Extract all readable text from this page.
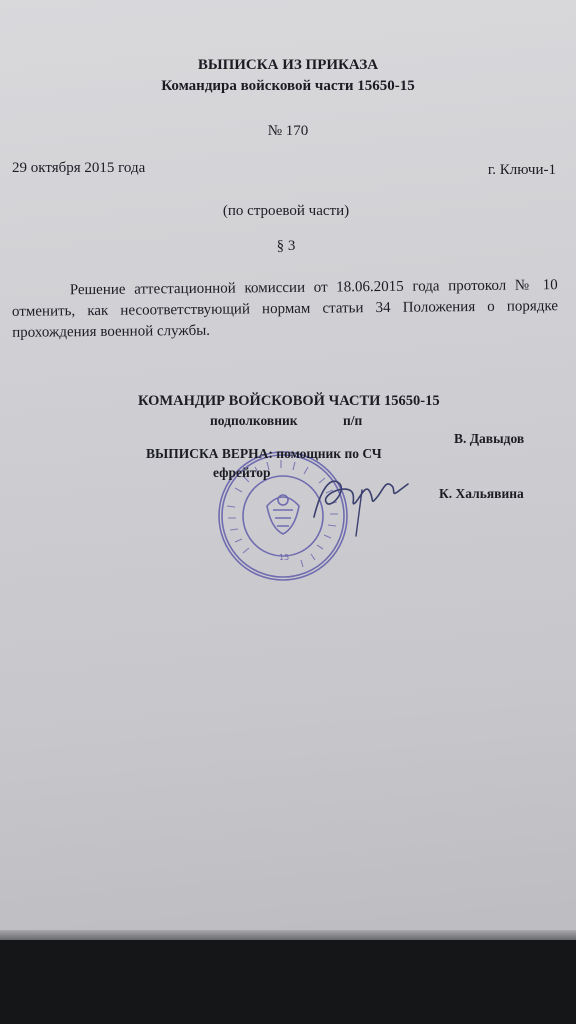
ВЫПИСКА ИЗ ПРИКАЗА
Командира войсковой части 15650-15
№ 170
29 октября 2015 года	г. Ключи-1
(по строевой части)
§ 3
Решение аттестационной комиссии от 18.06.2015 года протокол № 10 отменить, как несоответствующий нормам статьи 34 Положения о порядке прохождения военной службы.
15
КОМАНДИР ВОЙСКОВОЙ ЧАСТИ 15650-15
подполковник	п/п
В. Давыдов
ВЫПИСКА ВЕРНА: помощник по СЧ
ефрейтор
К. Хальявина
